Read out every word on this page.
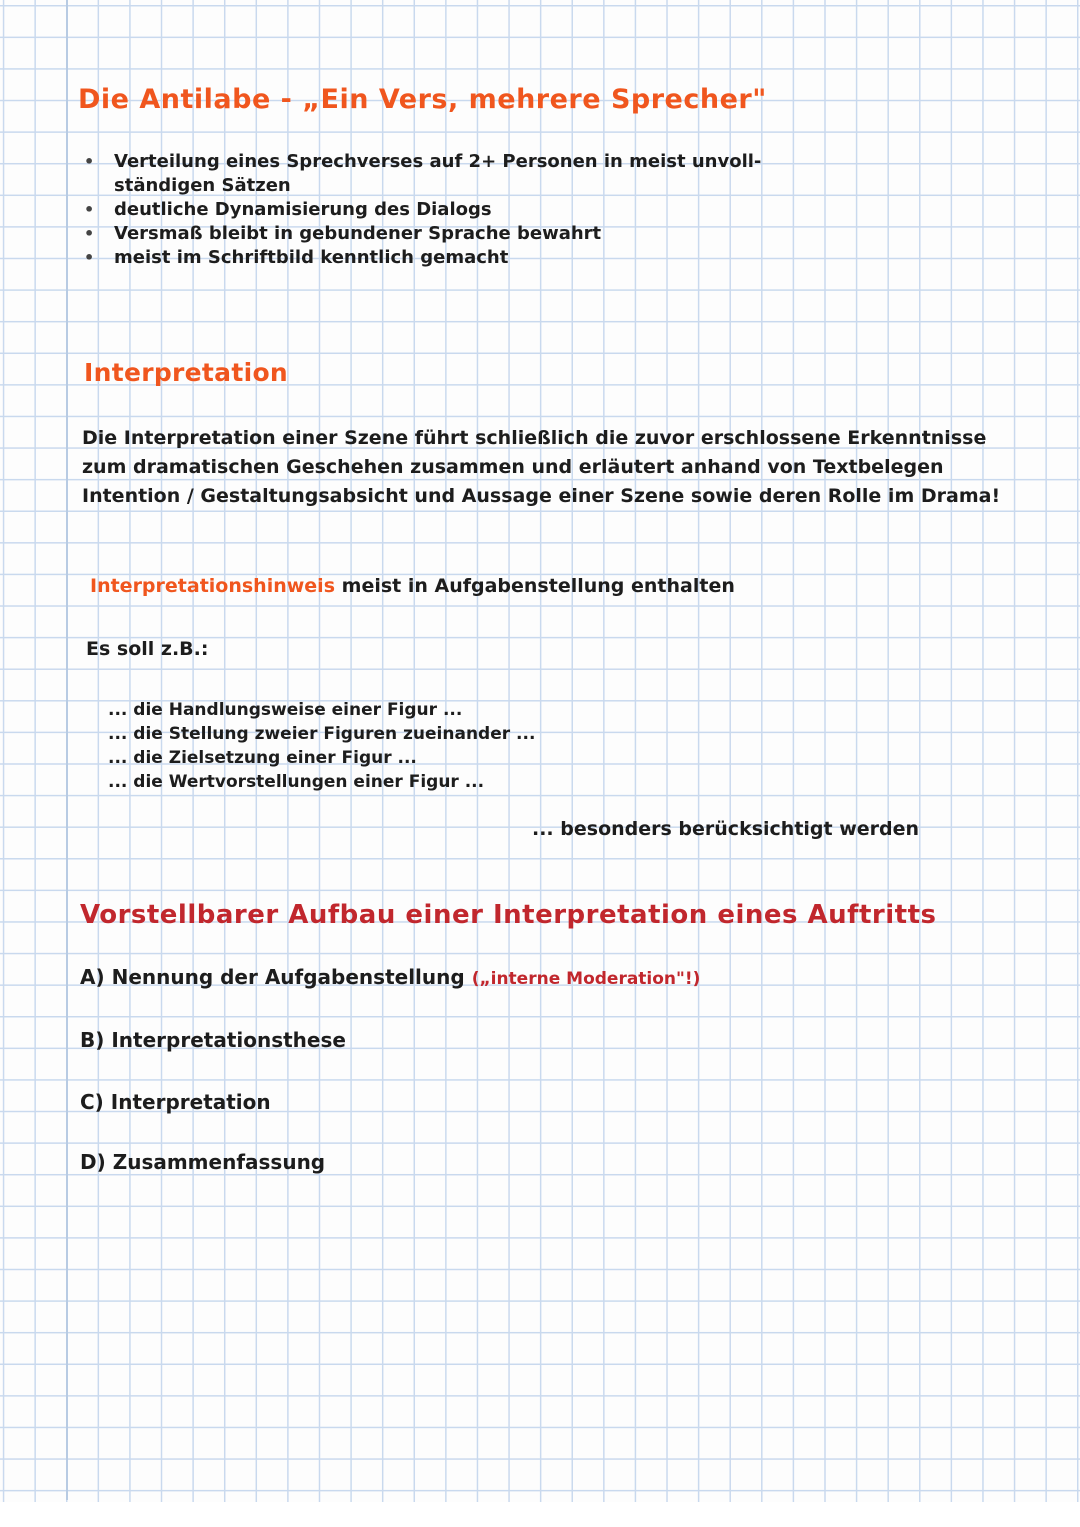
Die Antilabe - „Ein Vers, mehrere Sprecher"
• Verteilung eines Sprechverses auf 2+ Personen in meist unvoll-
ständigen Sätzen
• deutliche Dynamisierung des Dialogs
• Versmaß bleibt in gebundener Sprache bewahrt
• meist im Schriftbild kenntlich gemacht
Interpretation
Die Interpretation einer Szene führt schließlich die zuvor erschlossene Erkenntnisse zum dramatischen Geschehen zusammen und erläutert anhand von Textbelegen Intention / Gestaltungsabsicht und Aussage einer Szene sowie deren Rolle im Drama!
Interpretationshinweis meist in Aufgabenstellung enthalten
Es soll z.B.:
... die Handlungsweise einer Figur ...
... die Stellung zweier Figuren zueinander ...
... die Zielsetzung einer Figur ...
... die Wertvorstellungen einer Figur ...
... besonders berücksichtigt werden
Vorstellbarer Aufbau einer Interpretation eines Auftritts
A) Nennung der Aufgabenstellung („interne Moderation"!)
B) Interpretationsthese
C) Interpretation
D) Zusammenfassung
